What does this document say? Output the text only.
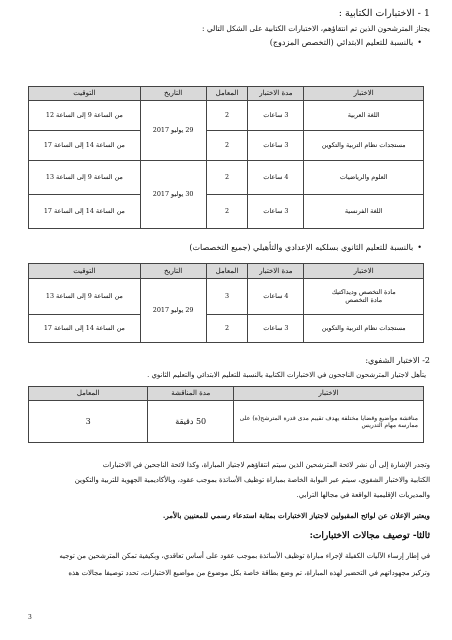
1 - الاختبارات الكتابية :
يجتاز المترشحون الذين تم انتقاؤهم، الاختبارات الكتابية على الشكل التالي :
• بالنسبة للتعليم الابتدائي (التخصص المزدوج)
الاختبار	مدة الاختبار	المعامل	التاريخ	التوقيت
اللغة العربية	3 ساعات	2	29 يوليو 2017	من الساعة 9 إلى الساعة 12
مستجدات نظام التربية والتكوين	3 ساعات	2		من الساعة 14 إلى الساعة 17
العلوم والرياضيات	4 ساعات	2	30 يوليو 2017	من الساعة 9 إلى الساعة 13
اللغة الفرنسية	3 ساعات	2		من الساعة 14 إلى الساعة 17
• بالنسبة للتعليم الثانوي بسلكيه الإعدادي والتأهيلي (جميع التخصصات)
الاختبار	مدة الاختبار	المعامل	التاريخ	التوقيت

مادة التخصص وديداكتيك
مادة التخصص	4 ساعات	3	29 يوليو 2017	من الساعة 9 إلى الساعة 13
مستجدات نظام التربية والتكوين	3 ساعات	2		من الساعة 14 إلى الساعة 17
2- الاختبار الشفوي:
يتأهل لاجتياز المترشحون الناجحون في الاختبارات الكتابية بالنسبة للتعليم الابتدائي والتعليم الثانوي .
الاختبار	مدة المناقشة	المعامل

مناقشة مواضيع وقضايا مختلفة يهدف تقييم مدى قدرة المترشح(ة) على
ممارسة مهام التدريس	50 دقيقة	3
وتجدر الإشارة إلى أن نشر لائحة المترشحين الذين سيتم انتقاؤهم لاجتياز المباراة، وكذا لائحة الناجحين في الاختبارات
الكتابية والاختبار الشفوي، سيتم عبر البوابة الخاصة بمباراة توظيف الأساتذة بموجب عقود، وبالأكاديمية الجهوية للتربية والتكوين
والمديريات الإقليمية الواقعة في مجالها الترابي.
ويعتبر الإعلان عن لوائح المقبولين لاجتياز الاختبارات بمثابة استدعاء رسمي للمعنيين بالأمر.
ثالثا- توصيف مجالات الاختبارات:
في إطار إرساء الآليات الكفيلة لإجراء مباراة توظيف الأساتذة بموجب عقود على أساس تعاقدي، وبكيفية تمكن المترشحين من توجيه
وتركيز مجهوداتهم في التحضير لهذه المباراة، تم وضع بطاقة خاصة بكل موضوع من مواضيع الاختبارات، تحدد توصيفا مجالات هذه
3
